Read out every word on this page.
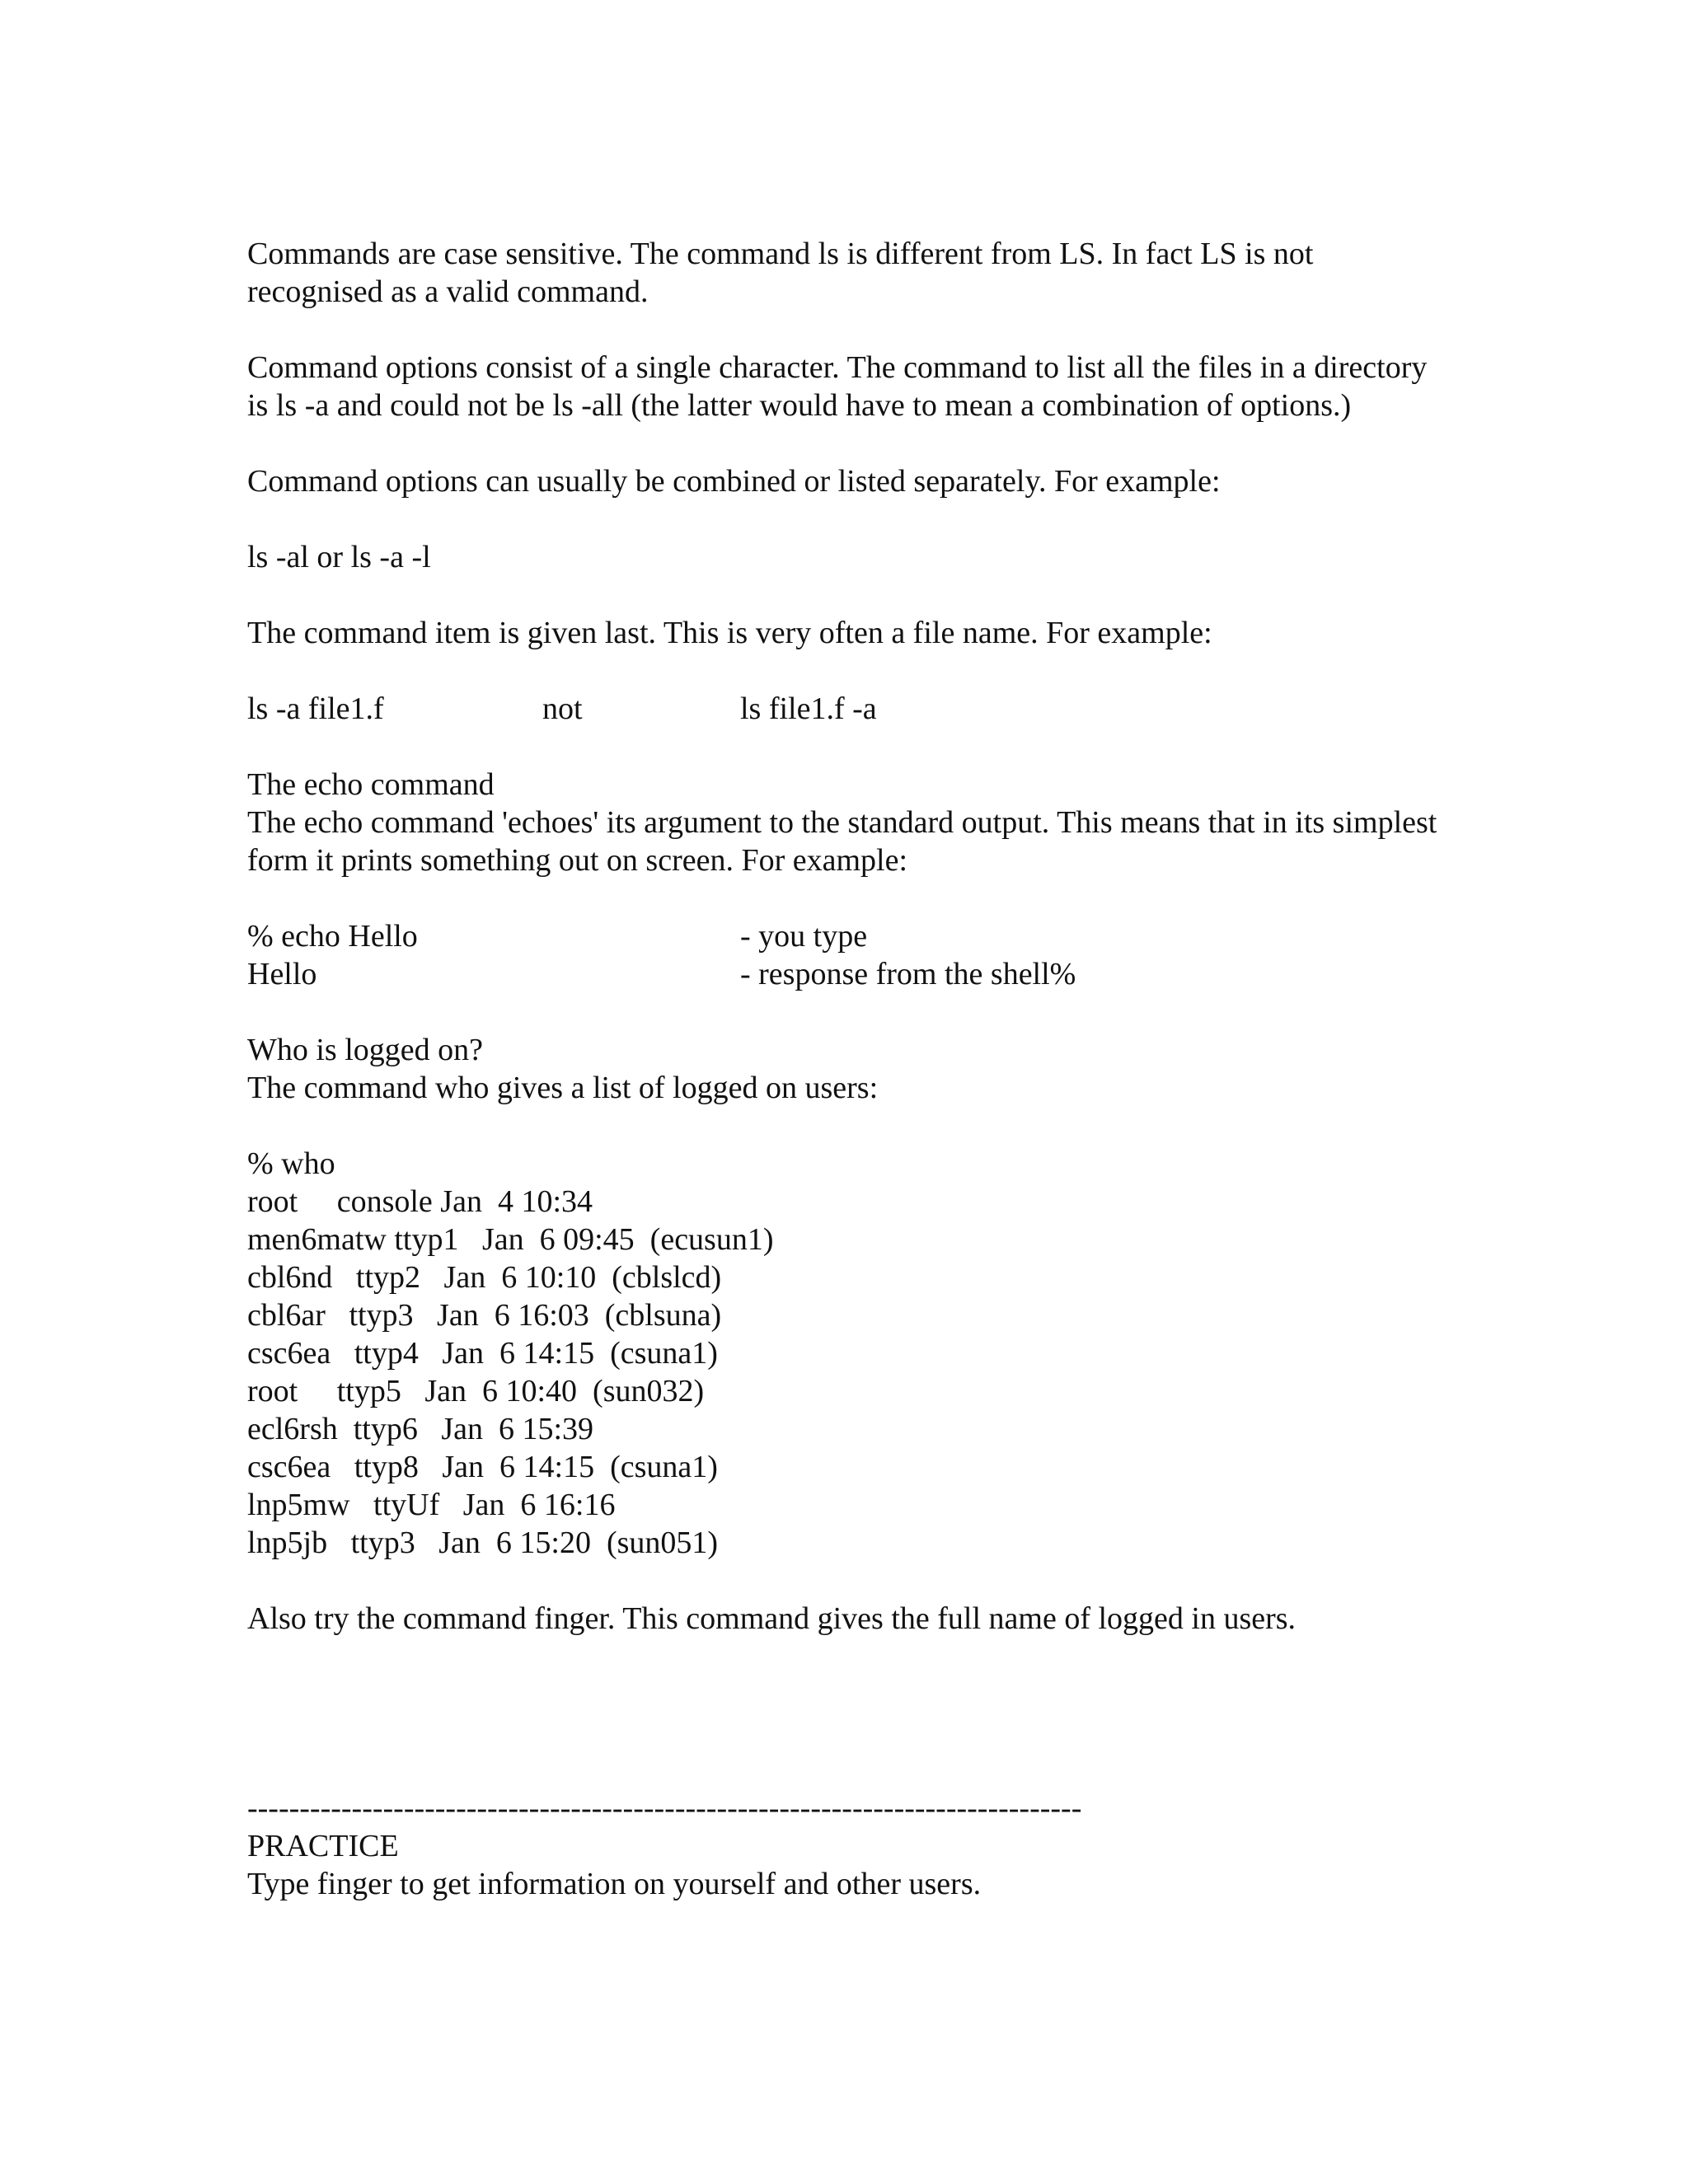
Commands are case sensitive. The command ls is different from LS. In fact LS is not recognised as a valid command.

Command options consist of a single character. The command to list all the files in a directory is ls -a and could not be ls -all (the latter would have to mean a combination of options.)

Command options can usually be combined or listed separately. For example:

ls -al or ls -a -l

The command item is given last. This is very often a file name. For example:

ls -a file1.f	not	ls file1.f -a
The echo command

The echo command 'echoes' its argument to the standard output. This means that in its simplest form it prints something out on screen. For example:

% echo Hello	- you type
Hello	- response from the shell%
Who is logged on?

The command who gives a list of logged on users:

% who
root     console Jan  4 10:34
men6matw ttyp1   Jan  6 09:45  (ecusun1)
cbl6nd   ttyp2   Jan  6 10:10  (cblslcd)
cbl6ar   ttyp3   Jan  6 16:03  (cblsuna)
csc6ea   ttyp4   Jan  6 14:15  (csuna1)
root     ttyp5   Jan  6 10:40  (sun032)
ecl6rsh  ttyp6   Jan  6 15:39
csc6ea   ttyp8   Jan  6 14:15  (csuna1)
lnp5mw   ttyUf   Jan  6 16:16
lnp5jb   ttyp3   Jan  6 15:20  (sun051)

Also try the command finger. This command gives the full name of logged in users.

--------------------------------------------------------------------------------
PRACTICE
Type finger to get information on yourself and other users.
